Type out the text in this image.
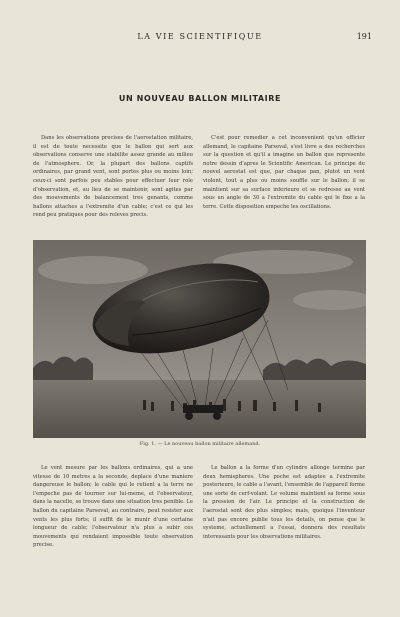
LA VIE SCIENTIFIQUE	191
UN NOUVEAU BALLON MILITAIRE

Dans les observations precises de l'aerostation militaire, il est de toute necessite que le ballon qui sert aux observations conserve une stabilite assez grande au milieu de l'atmosphere. Or, la plupart des ballons captifs ordinaires, par grand vent, sont portes plus ou moins loin; ceux-ci sont parfois peu stables pour effectuer leur role d'observation, et, au lieu de se maintenir, sont agites par des mouvements de balancement tres genants, comme ballons attaches a l'extremite d'un cable; c'est ce qui les rend peu pratiques pour des releves precis.

C'est pour remedier a cet inconvenient qu'un officier allemand, le capitaine Parseval, s'est livre a des recherches sur la question et qu'il a imagine un ballon que represente notre dessin d'apres le Scientific American. Le principe du nouvel aerostat est que, par chaque pan, plutot un vent violent, tout a plus ou moins souffle sur le ballon; il se maintient sur sa surface inferieure et se redresse au vent sous un angle de 30 a l'extremite du cable qui le fixe a la terre. Cette disposition empeche les oscillations.

Fig. 1. — Le nouveau ballon militaire allemand.

Le vent mesure par les ballons ordinaires, qui a une vitesse de 10 metres a la seconde, deplace d'une maniere dangereuse le ballon; le cable qui le retient a la terre ne l'empeche pas de tourner sur lui-meme, et l'observateur, dans la nacelle, se trouve dans une situation tres penible. Le ballon du capitaine Parseval, au contraire, peut resister aux vents les plus forts; il suffit de le munir d'une certaine longueur de cable; l'observateur n'a plus a subir ces mouvements qui rendaient impossible toute observation precise.

Le ballon a la forme d'un cylindre allonge termine par deux hemispheres. Une poche est adaptee a l'extremite posterieure, le cable a l'avant, l'ensemble de l'appareil forme une sorte de cerf-volant. Le volume maintient sa forme sous la pression de l'air. Le principe et la construction de l'aerostat sont des plus simples; mais, quoique l'inventeur n'ait pas encore publie tous les details, on pense que le systeme, actuellement a l'essai, donnera des resultats interessants pour les observations militaires.
